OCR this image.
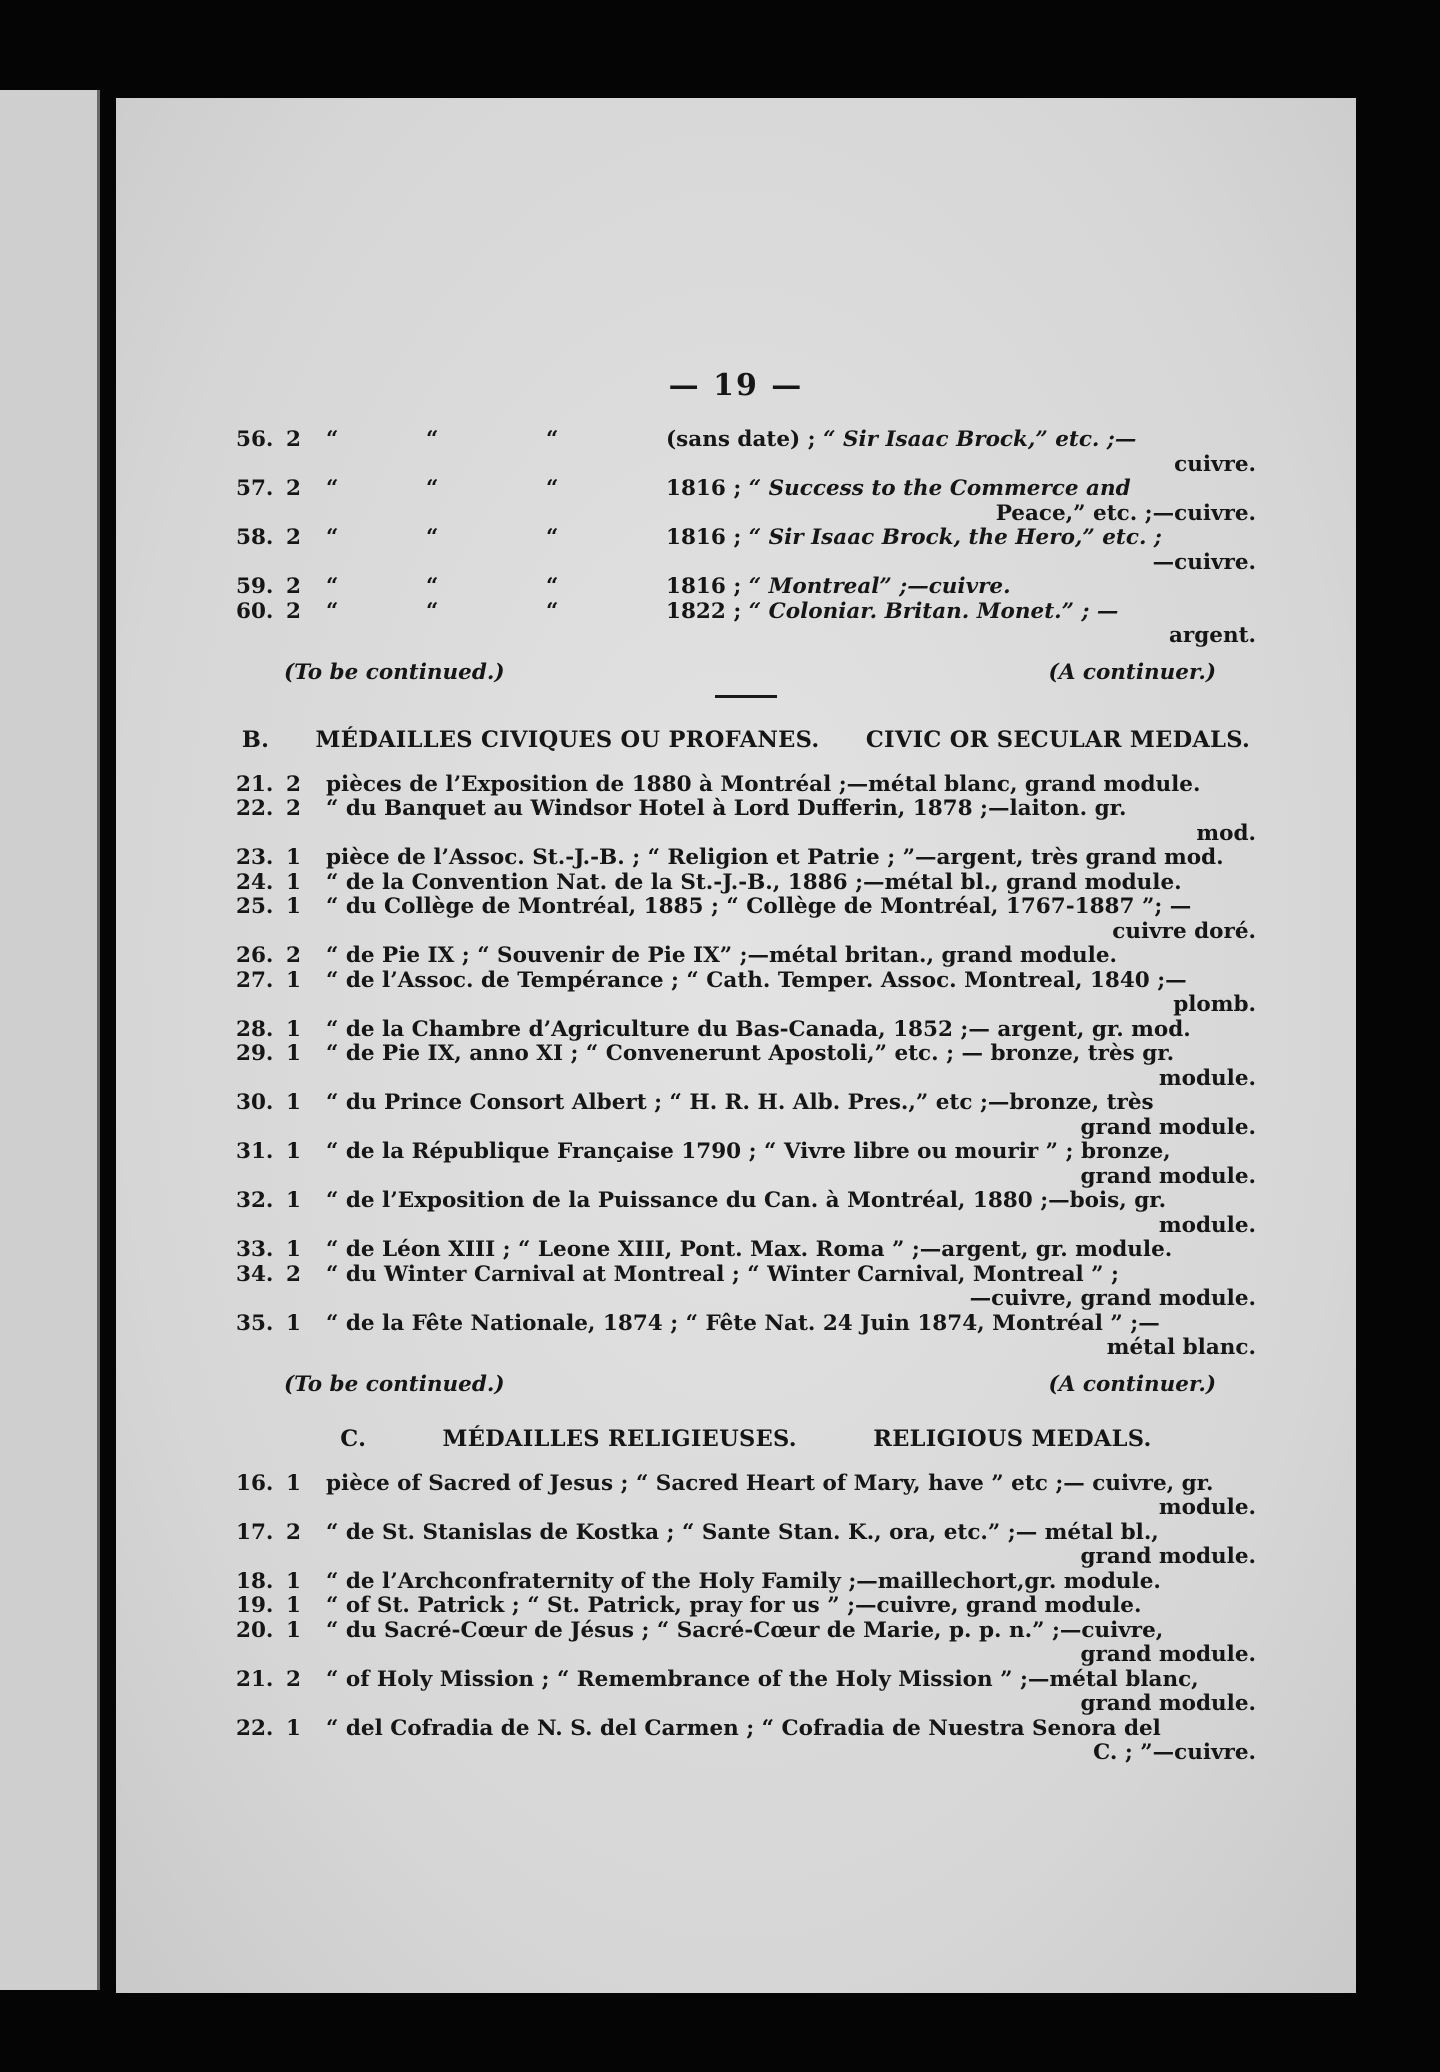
— 19 —
56. 2	“	“	“	(sans date) ; “ Sir Isaac Brock,” etc. ;—
cuivre.
57. 2	“	“	“	1816 ; “ Success to the Commerce and
Peace,” etc. ;—cuivre.
58. 2	“	“	“	1816 ; “ Sir Isaac Brock, the Hero,” etc. ;
—cuivre.
59. 2	“	“	“	1816 ; “ Montreal” ;—cuivre.
60. 2	“	“	“	1822 ; “ Coloniar. Britan. Monet.” ; —
argent.
(To be continued.)	(A continuer.)
B. MÉDAILLES CIVIQUES OU PROFANES. CIVIC OR SECULAR MEDALS.
21. 2	pièces de l’Exposition de 1880 à Montréal ;—métal blanc, grand module.
22. 2	“ du Banquet au Windsor Hotel à Lord Dufferin, 1878 ;—laiton. gr.
mod.
23. 1	pièce de l’Assoc. St.-J.-B. ; “ Religion et Patrie ; ”—argent, très grand mod.
24. 1	“ de la Convention Nat. de la St.-J.-B., 1886 ;—métal bl., grand module.
25. 1	“ du Collège de Montréal, 1885 ; “ Collège de Montréal, 1767-1887 ”; —
cuivre doré.
26. 2	“ de Pie IX ; “ Souvenir de Pie IX” ;—métal britan., grand module.
27. 1	“ de l’Assoc. de Tempérance ; “ Cath. Temper. Assoc. Montreal, 1840 ;—
plomb.
28. 1	“ de la Chambre d’Agriculture du Bas-Canada, 1852 ;— argent, gr. mod.
29. 1	“ de Pie IX, anno XI ; “ Convenerunt Apostoli,” etc. ; — bronze, très gr.
module.
30. 1	“ du Prince Consort Albert ; “ H. R. H. Alb. Pres.,” etc ;—bronze, très
grand module.
31. 1	“ de la République Française 1790 ; “ Vivre libre ou mourir ” ; bronze,
grand module.
32. 1	“ de l’Exposition de la Puissance du Can. à Montréal, 1880 ;—bois, gr.
module.
33. 1	“ de Léon XIII ; “ Leone XIII, Pont. Max. Roma ” ;—argent, gr. module.
34. 2	“ du Winter Carnival at Montreal ; “ Winter Carnival, Montreal ” ;
—cuivre, grand module.
35. 1	“ de la Fête Nationale, 1874 ; “ Fête Nat. 24 Juin 1874, Montréal ” ;—
métal blanc.
(To be continued.)	(A continuer.)
C.	MÉDAILLES RELIGIEUSES.	RELIGIOUS MEDALS.
16. 1	pièce of Sacred of Jesus ; “ Sacred Heart of Mary, have ” etc ;— cuivre, gr.
module.
17. 2	“ de St. Stanislas de Kostka ; “ Sante Stan. K., ora, etc.” ;— métal bl.,
grand module.
18. 1	“ de l’Archconfraternity of the Holy Family ;—maillechort,gr. module.
19. 1	“ of St. Patrick ; “ St. Patrick, pray for us ” ;—cuivre, grand module.
20. 1	“ du Sacré-Cœur de Jésus ; “ Sacré-Cœur de Marie, p. p. n.” ;—cuivre,
grand module.
21. 2	“ of Holy Mission ; “ Remembrance of the Holy Mission ” ;—métal blanc,
grand module.
22. 1	“ del Cofradia de N. S. del Carmen ; “ Cofradia de Nuestra Senora del
C. ; ”—cuivre.
